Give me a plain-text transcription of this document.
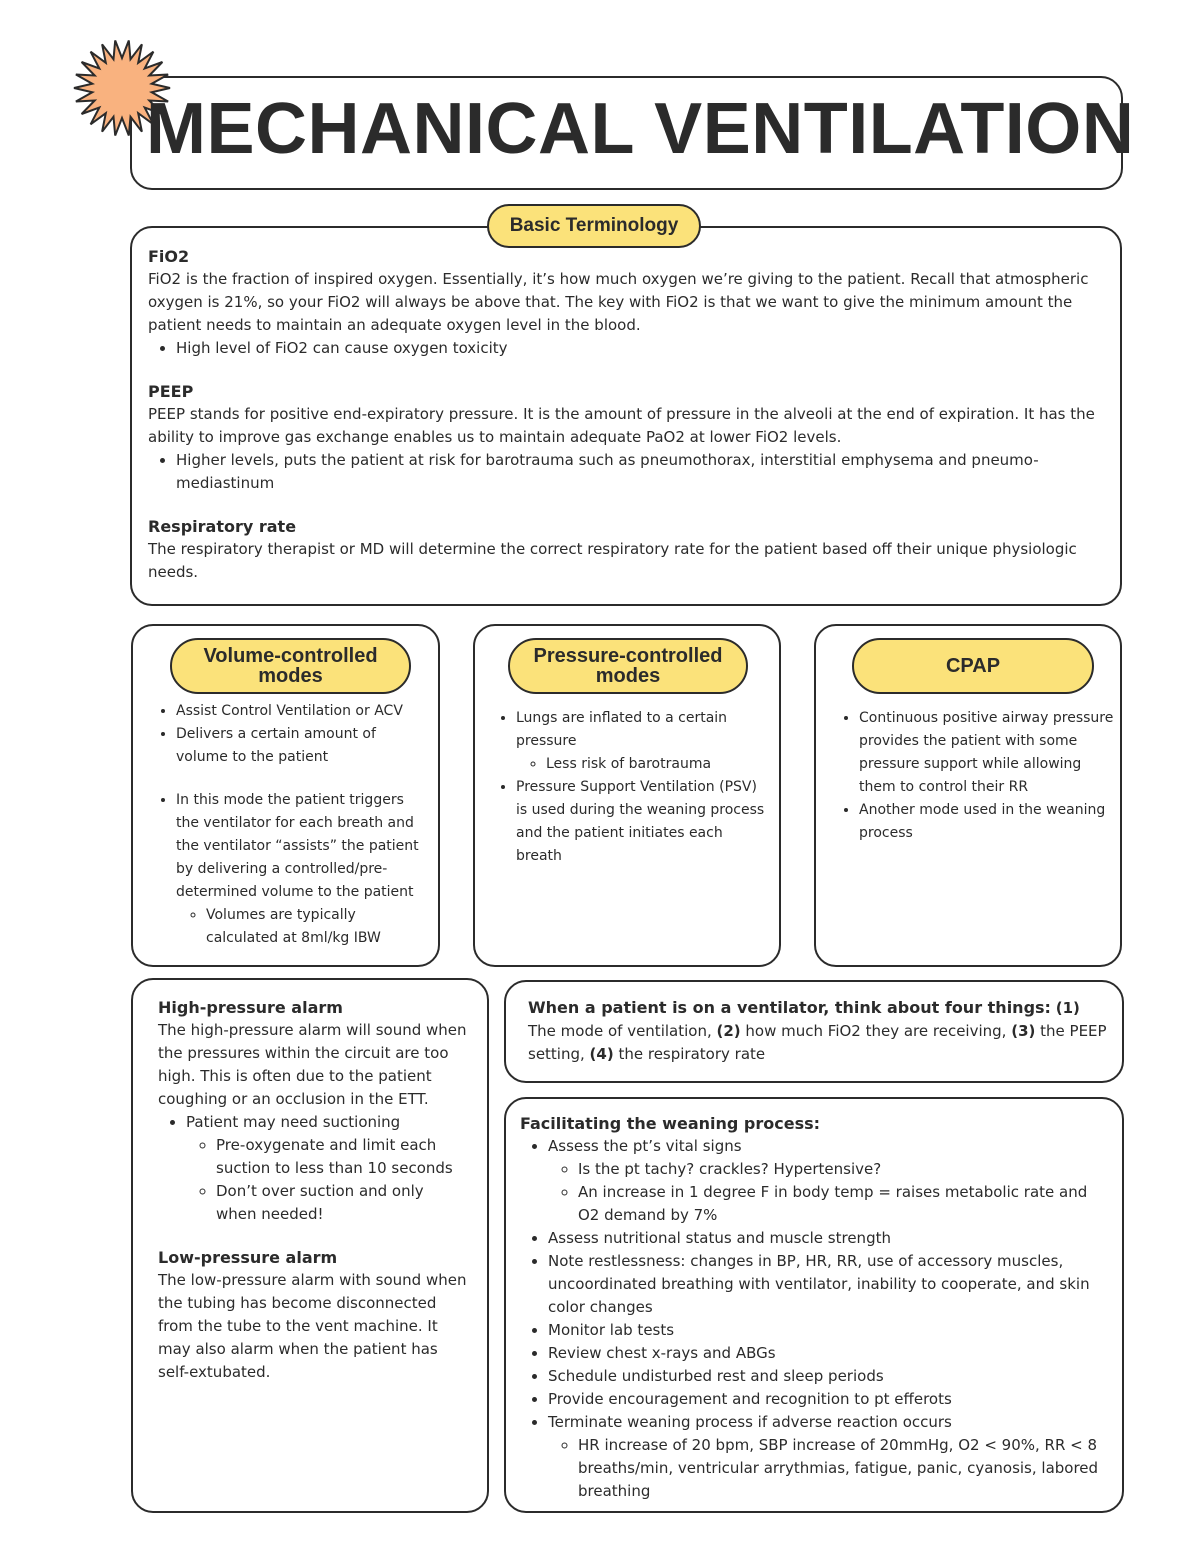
MECHANICAL VENTILATION
Basic Terminology

FiO2

FiO2 is the fraction of inspired oxygen. Essentially, it’s how much oxygen we’re giving to the patient. Recall that atmospheric oxygen is 21%, so your FiO2 will always be above that. The key with FiO2 is that we want to give the minimum amount the patient needs to maintain an adequate oxygen level in the blood.

• High level of FiO2 can cause oxygen toxicity

PEEP

PEEP stands for positive end-expiratory pressure. It is the amount of pressure in the alveoli at the end of expiration. It has the ability to improve gas exchange enables us to maintain adequate PaO2 at lower FiO2 levels.

• Higher levels, puts the patient at risk for barotrauma such as pneumothorax, interstitial emphysema and pneumo-mediastinum

Respiratory rate

The respiratory therapist or MD will determine the correct respiratory rate for the patient based off their unique physiologic needs.

Volume-controlled modes
• Assist Control Ventilation or ACV
• Delivers a certain amount of volume to the patient
• In this mode the patient triggers the ventilator for each breath and the ventilator “assists” the patient by delivering a controlled/pre-determined volume to the patient
◦ Volumes are typically calculated at 8ml/kg IBW
Pressure-controlled modes
• Lungs are inflated to a certain pressure
◦ Less risk of barotrauma
• Pressure Support Ventilation (PSV) is used during the weaning process and the patient initiates each breath
CPAP
• Continuous positive airway pressure provides the patient with some pressure support while allowing them to control their RR
• Another mode used in the weaning process

High-pressure alarm

The high-pressure alarm will sound when the pressures within the circuit are too high. This is often due to the patient coughing or an occlusion in the ETT.

• Patient may need suctioning
◦ Pre-oxygenate and limit each suction to less than 10 seconds
◦ Don’t over suction and only when needed!

Low-pressure alarm

The low-pressure alarm with sound when the tubing has become disconnected from the tube to the vent machine. It may also alarm when the patient has self-extubated.

When a patient is on a ventilator, think about four things: (1) The mode of ventilation, (2) how much FiO2 they are receiving, (3) the PEEP setting, (4) the respiratory rate

Facilitating the weaning process:

• Assess the pt’s vital signs
◦ Is the pt tachy? crackles? Hypertensive?
◦ An increase in 1 degree F in body temp = raises metabolic rate and O2 demand by 7%
• Assess nutritional status and muscle strength
• Note restlessness: changes in BP, HR, RR, use of accessory muscles, uncoordinated breathing with ventilator, inability to cooperate, and skin color changes
• Monitor lab tests
• Review chest x-rays and ABGs
• Schedule undisturbed rest and sleep periods
• Provide encouragement and recognition to pt efferots
• Terminate weaning process if adverse reaction occurs
◦ HR increase of 20 bpm, SBP increase of 20mmHg, O2 < 90%, RR < 8 breaths/min, ventricular arrythmias, fatigue, panic, cyanosis, labored breathing
